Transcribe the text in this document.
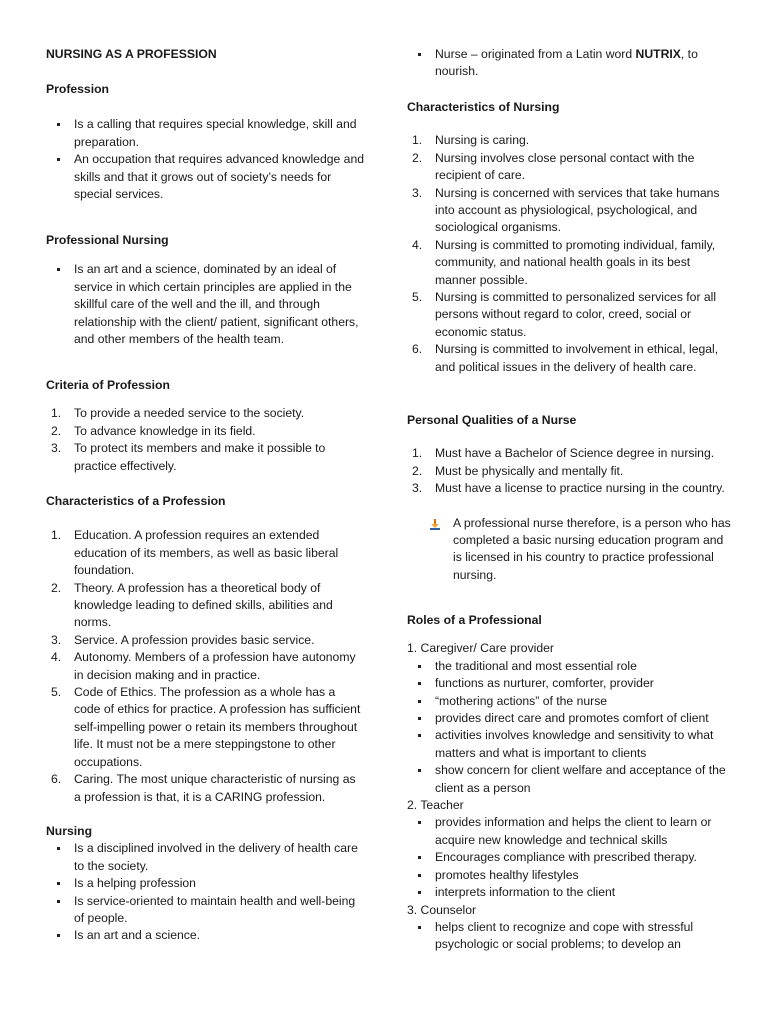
NURSING AS A PROFESSION

Profession

Is a calling that requires special knowledge, skill and preparation.
An occupation that requires advanced knowledge and skills and that it grows out of society’s needs for special services.

Professional Nursing

Is an art and a science, dominated by an ideal of service in which certain principles are applied in the skillful care of the well and the ill, and through relationship with the client/ patient, significant others, and other members of the health team.

Criteria of Profession

1. To provide a needed service to the society.
2. To advance knowledge in its field.
3. To protect its members and make it possible to practice effectively.

Characteristics of a Profession

1. Education. A profession requires an extended education of its members, as well as basic liberal foundation.
2. Theory. A profession has a theoretical body of knowledge leading to defined skills, abilities and norms.
3. Service. A profession provides basic service.
4. Autonomy. Members of a profession have autonomy in decision making and in practice.
5. Code of Ethics. The profession as a whole has a code of ethics for practice. A profession has sufficient self-impelling power o retain its members throughout life. It must not be a mere steppingstone to other occupations.
6. Caring. The most unique characteristic of nursing as a profession is that, it is a CARING profession.

Nursing

Is a disciplined involved in the delivery of health care to the society.
Is a helping profession
Is service-oriented to maintain health and well-being of people.
Is an art and a science.
Nurse – originated from a Latin word NUTRIX, to nourish.

Characteristics of Nursing

1. Nursing is caring.
2. Nursing involves close personal contact with the recipient of care.
3. Nursing is concerned with services that take humans into account as physiological, psychological, and sociological organisms.
4. Nursing is committed to promoting individual, family, community, and national health goals in its best manner possible.
5. Nursing is committed to personalized services for all persons without regard to color, creed, social or economic status.
6. Nursing is committed to involvement in ethical, legal, and political issues in the delivery of health care.

Personal Qualities of a Nurse

1. Must have a Bachelor of Science degree in nursing.
2. Must be physically and mentally fit.
3. Must have a license to practice nursing in the country.
A professional nurse therefore, is a person who has completed a basic nursing education program and is licensed in his country to practice professional nursing.

Roles of a Professional

1. Caregiver/ Care provider

the traditional and most essential role
functions as nurturer, comforter, provider
“mothering actions” of the nurse
provides direct care and promotes comfort of client
activities involves knowledge and sensitivity to what matters and what is important to clients
show concern for client welfare and acceptance of the client as a person

2. Teacher

provides information and helps the client to learn or acquire new knowledge and technical skills
Encourages compliance with prescribed therapy.
promotes healthy lifestyles
interprets information to the client

3. Counselor

helps client to recognize and cope with stressful psychologic or social problems; to develop an
